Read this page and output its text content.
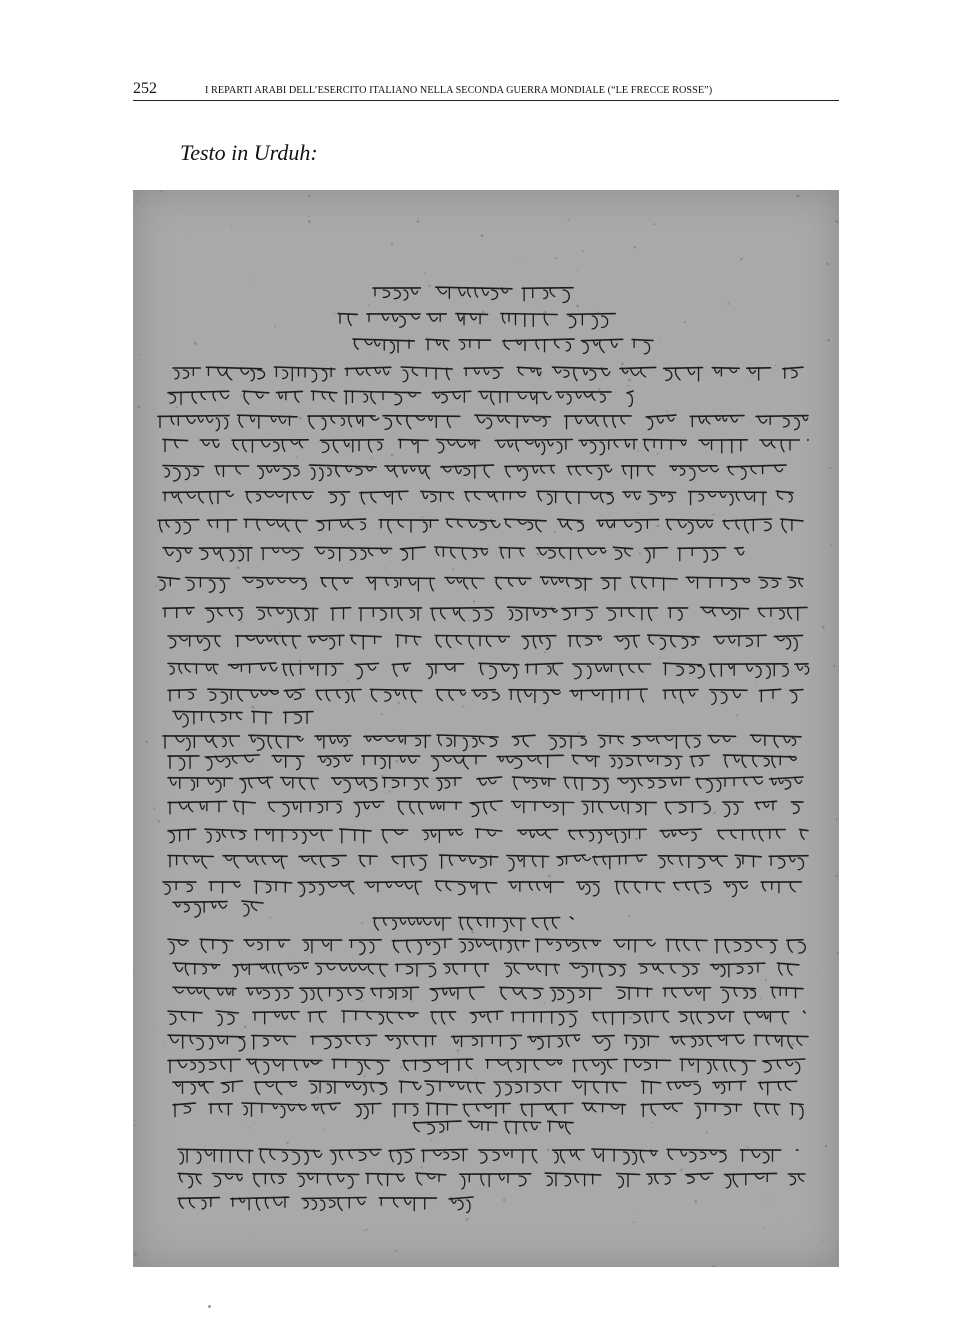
252	I REPARTI ARABI DELL’ESERCITO ITALIANO NELLA SECONDA GUERRA MONDIALE (“LE FRECCE ROSSE”)
Testo in Urduh:
